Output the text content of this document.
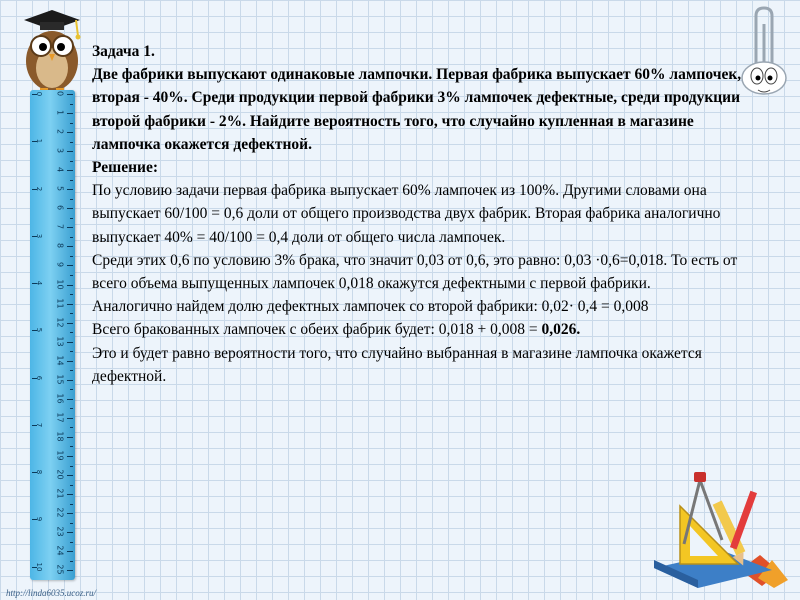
0
1
2
3
4
5
6
7
8
9
10
0
1
2
3
4
5
6
7
8
9
10
11
12
13
14
15
16
17
18
19
20
21
22
23
24
25

Задача 1.

Две фабрики выпускают одинаковые лампочки. Первая фабрика выпускает 60% лампочек, вторая - 40%. Среди продукции первой фабрики 3% лампочек дефектные, среди продукции второй фабрики - 2%. Найдите вероятность того, что случайно купленная в магазине лампочка окажется дефектной.

Решение:

По условию задачи первая фабрика выпускает 60% лампочек из 100%. Другими словами она выпускает 60/100 = 0,6 доли от общего производства двух фабрик. Вторая фабрика аналогично выпускает 40% = 40/100 = 0,4 доли от общего числа лампочек.

Среди этих 0,6 по условию 3% брака, что значит 0,03 от 0,6, это равно: 0,03 ·0,6=0,018. То есть от всего объема выпущенных лампочек 0,018 окажутся дефектными с первой фабрики.

Аналогично найдем долю дефектных лампочек со второй фабрики: 0,02· 0,4 = 0,008

Всего бракованных лампочек с обеих фабрик будет: 0,018 + 0,008 = 0,026.

Это и будет равно вероятности того, что случайно выбранная в магазине лампочка окажется дефектной.

http://linda6035.ucoz.ru/
